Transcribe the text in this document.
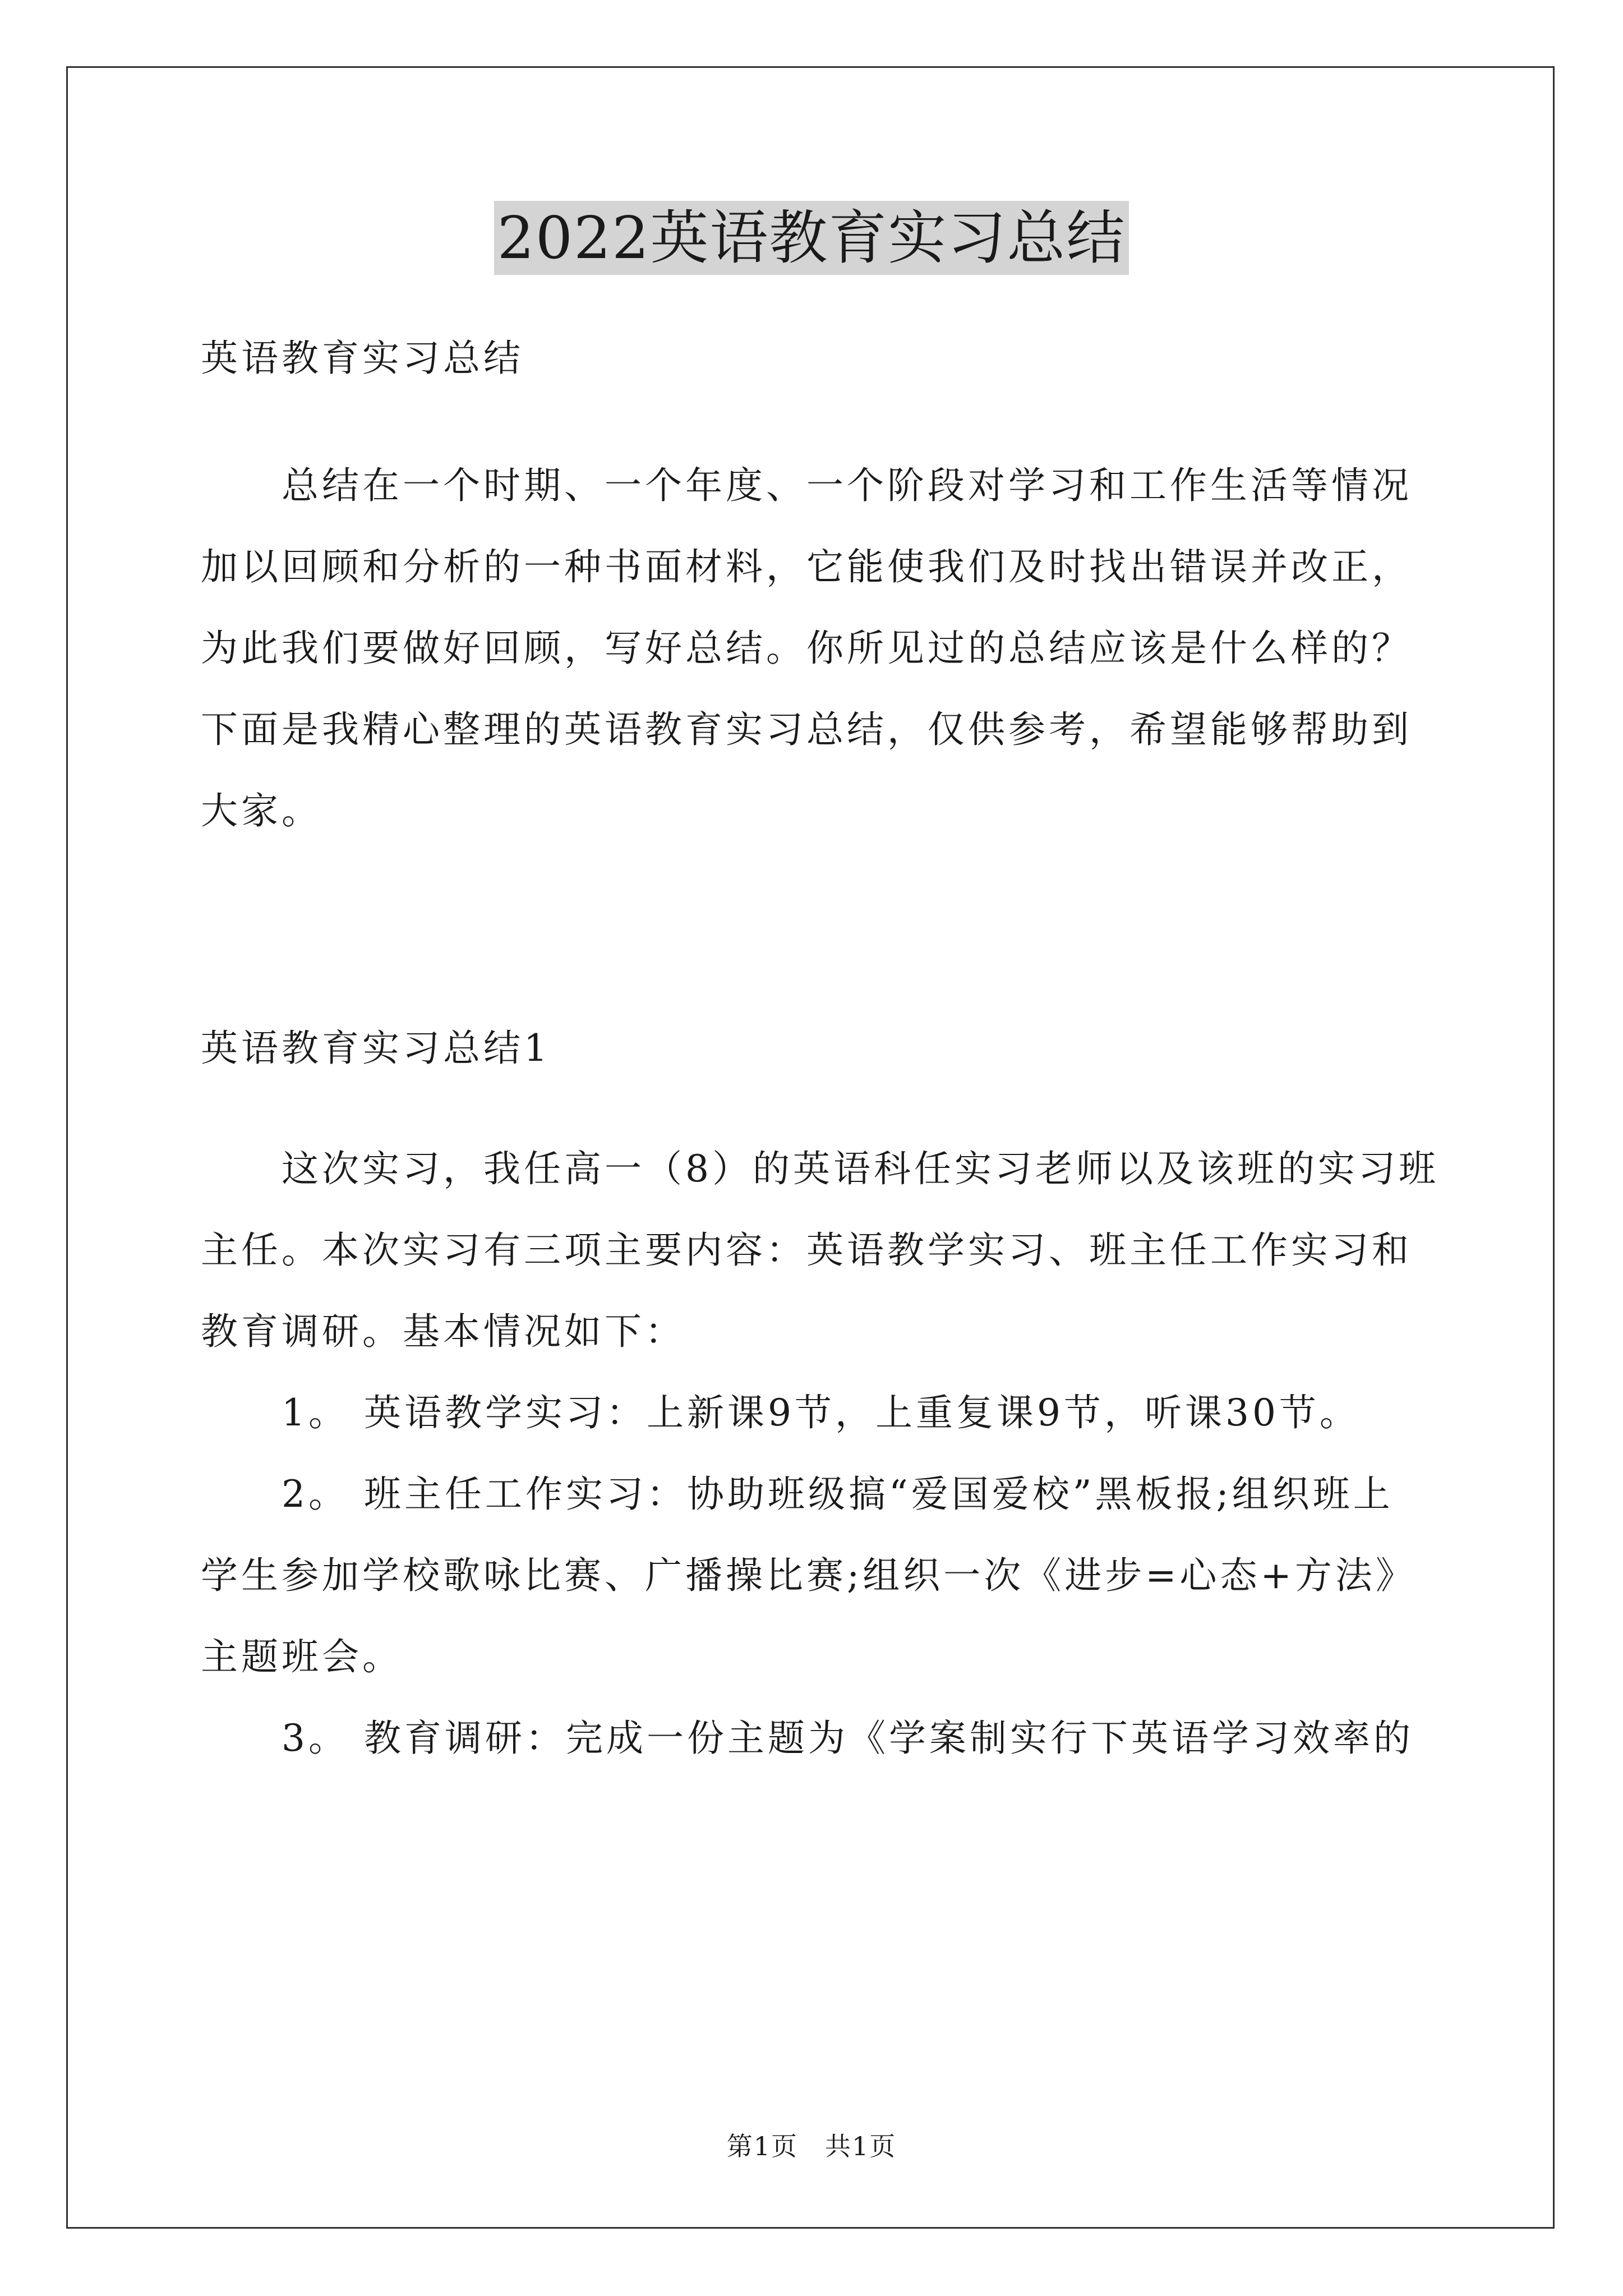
2022英语教育实习总结

英语教育实习总结

　　总结在一个时期、一个年度、一个阶段对学习和工作生活等情况

加以回顾和分析的一种书面材料，它能使我们及时找出错误并改正，

为此我们要做好回顾，写好总结。你所见过的总结应该是什么样的？

下面是我精心整理的英语教育实习总结，仅供参考，希望能够帮助到

大家。

英语教育实习总结1

　　这次实习，我任高一（8）的英语科任实习老师以及该班的实习班

主任。本次实习有三项主要内容：英语教学实习、班主任工作实习和

教育调研。基本情况如下：

　　1。 英语教学实习：上新课9节，上重复课9节，听课30节。

　　2。 班主任工作实习：协助班级搞“爱国爱校”黑板报;组织班上

学生参加学校歌咏比赛、广播操比赛;组织一次《进步=心态+方法》

主题班会。

　　3。 教育调研：完成一份主题为《学案制实行下英语学习效率的

第1页　共1页
